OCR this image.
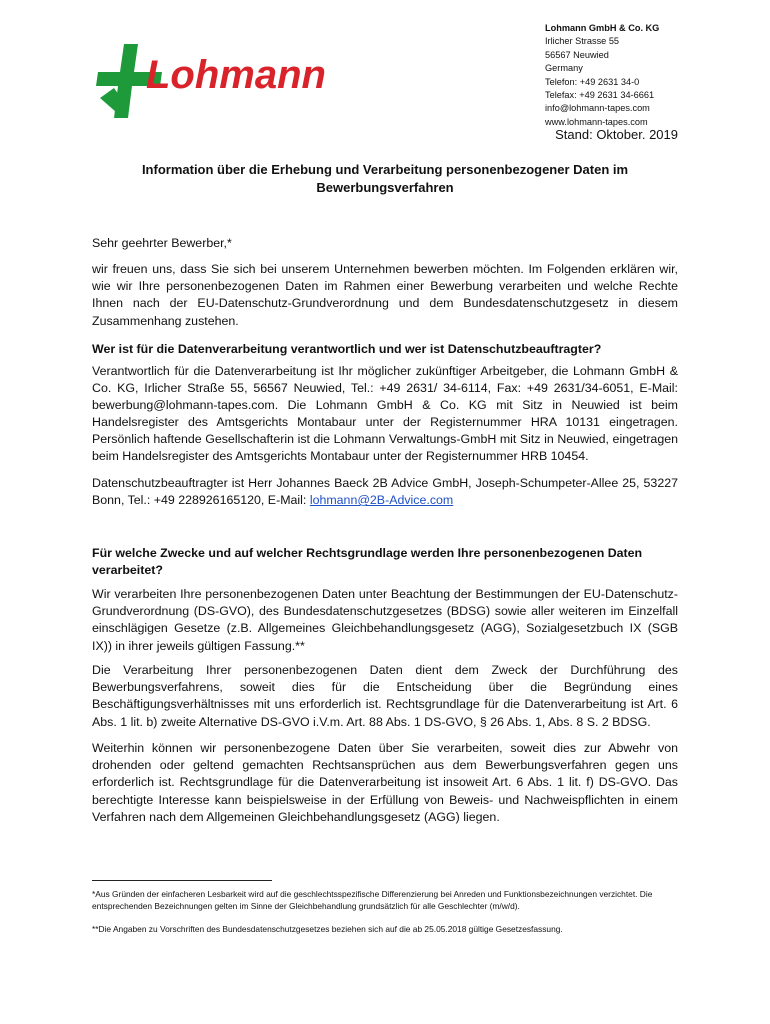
Lohmann
Lohmann GmbH & Co. KG
Irlicher Strasse 55
56567 Neuwied
Germany
Telefon: +49 2631 34-0
Telefax: +49 2631 34-6661
info@lohmann-tapes.com
www.lohmann-tapes.com
Stand: Oktober. 2019
Information über die Erhebung und Verarbeitung personenbezogener Daten im
Bewerbungsverfahren
Sehr geehrter Bewerber,*
wir freuen uns, dass Sie sich bei unserem Unternehmen bewerben möchten. Im Folgenden erklären wir, wie wir Ihre personenbezogenen Daten im Rahmen einer Bewerbung verarbeiten und welche Rechte Ihnen nach der EU-Datenschutz-Grundverordnung und dem Bundesdatenschutzgesetz in diesem Zusammenhang zustehen.
Wer ist für die Datenverarbeitung verantwortlich und wer ist Datenschutzbeauftragter?
Verantwortlich für die Datenverarbeitung ist Ihr möglicher zukünftiger Arbeitgeber, die Lohmann GmbH & Co. KG, Irlicher Straße 55, 56567 Neuwied, Tel.: +49 2631/ 34-6114, Fax: +49 2631/34-6051, E-Mail: bewerbung@lohmann-tapes.com. Die Lohmann GmbH & Co. KG mit Sitz in Neuwied ist beim Handelsregister des Amtsgerichts Montabaur unter der Registernummer HRA 10131 eingetragen. Persönlich haftende Gesellschafterin ist die Lohmann Verwaltungs-GmbH mit Sitz in Neuwied, eingetragen beim Handelsregister des Amtsgerichts Montabaur unter der Registernummer HRB 10454.
Datenschutzbeauftragter ist Herr Johannes Baeck 2B Advice GmbH, Joseph-Schumpeter-Allee 25, 53227 Bonn, Tel.: +49 228926165120, E-Mail: lohmann@2B-Advice.com
Für welche Zwecke und auf welcher Rechtsgrundlage werden Ihre personenbezogenen Daten verarbeitet?
Wir verarbeiten Ihre personenbezogenen Daten unter Beachtung der Bestimmungen der EU-Datenschutz-Grundverordnung (DS-GVO), des Bundesdatenschutzgesetzes (BDSG) sowie aller weiteren im Einzelfall einschlägigen Gesetze (z.B. Allgemeines Gleichbehandlungsgesetz (AGG), Sozialgesetzbuch IX (SGB IX)) in ihrer jeweils gültigen Fassung.**
Die Verarbeitung Ihrer personenbezogenen Daten dient dem Zweck der Durchführung des Bewerbungsverfahrens, soweit dies für die Entscheidung über die Begründung eines Beschäftigungsverhältnisses mit uns erforderlich ist. Rechtsgrundlage für die Datenverarbeitung ist Art. 6 Abs. 1 lit. b) zweite Alternative DS-GVO i.V.m. Art. 88 Abs. 1 DS-GVO, § 26 Abs. 1, Abs. 8 S. 2 BDSG.
Weiterhin können wir personenbezogene Daten über Sie verarbeiten, soweit dies zur Abwehr von drohenden oder geltend gemachten Rechtsansprüchen aus dem Bewerbungsverfahren gegen uns erforderlich ist. Rechtsgrundlage für die Datenverarbeitung ist insoweit Art. 6 Abs. 1 lit. f) DS-GVO. Das berechtigte Interesse kann beispielsweise in der Erfüllung von Beweis- und Nachweispflichten in einem Verfahren nach dem Allgemeinen Gleichbehandlungsgesetz (AGG) liegen.
*Aus Gründen der einfacheren Lesbarkeit wird auf die geschlechtsspezifische Differenzierung bei Anreden und Funktionsbezeichnungen verzichtet. Die entsprechenden Bezeichnungen gelten im Sinne der Gleichbehandlung grundsätzlich für alle Geschlechter (m/w/d).
**Die Angaben zu Vorschriften des Bundesdatenschutzgesetzes beziehen sich auf die ab 25.05.2018 gültige Gesetzesfassung.
